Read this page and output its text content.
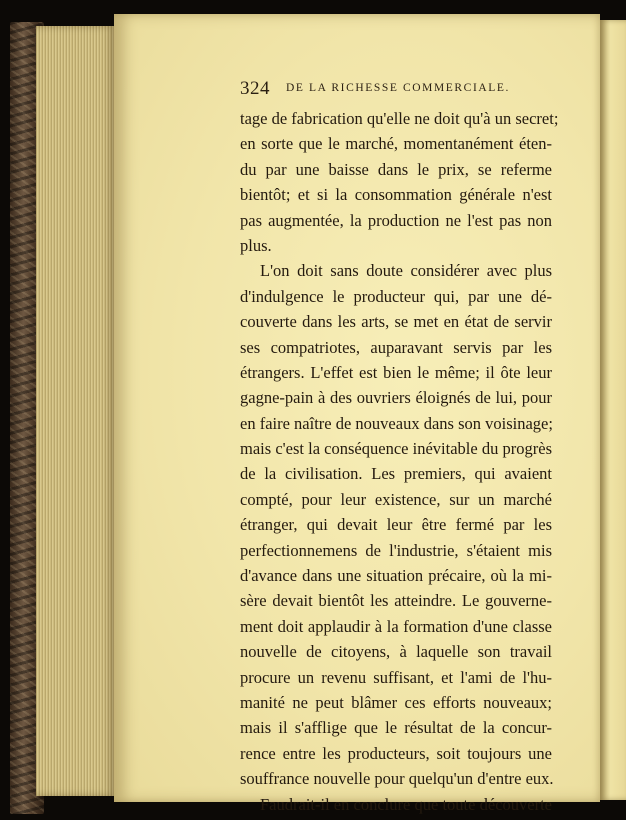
324 DE LA RICHESSE COMMERCIALE.
tage de fabrication qu'elle ne doit qu'à un secret;
en sorte que le marché, momentanément éten-
du par une baisse dans le prix, se referme
bientôt; et si la consommation générale n'est
pas augmentée, la production ne l'est pas non
plus.
L'on doit sans doute considérer avec plus
d'indulgence le producteur qui, par une dé-
couverte dans les arts, se met en état de servir
ses compatriotes, auparavant servis par les
étrangers. L'effet est bien le même; il ôte leur
gagne-pain à des ouvriers éloignés de lui, pour
en faire naître de nouveaux dans son voisinage;
mais c'est la conséquence inévitable du progrès
de la civilisation. Les premiers, qui avaient
compté, pour leur existence, sur un marché
étranger, qui devait leur être fermé par les
perfectionnemens de l'industrie, s'étaient mis
d'avance dans une situation précaire, où la mi-
sère devait bientôt les atteindre. Le gouverne-
ment doit applaudir à la formation d'une classe
nouvelle de citoyens, à laquelle son travail
procure un revenu suffisant, et l'ami de l'hu-
manité ne peut blâmer ces efforts nouveaux;
mais il s'afflige que le résultat de la concur-
rence entre les producteurs, soit toujours une
souffrance nouvelle pour quelqu'un d'entre eux.
Faudrait-il en conclure que toute découverte
